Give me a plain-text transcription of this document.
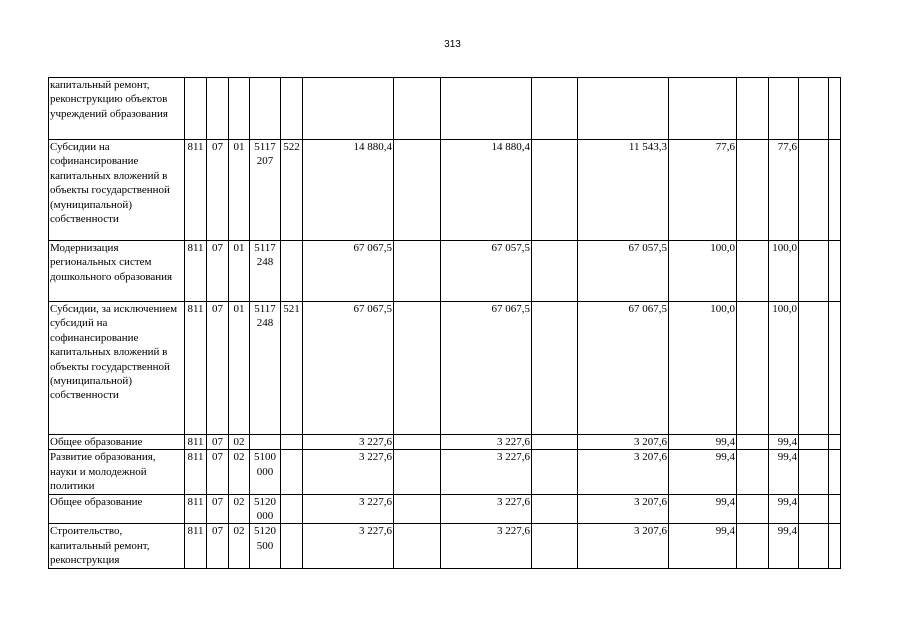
313
капитальный ремонт, реконструкцию объектов учреждений образования															
Субсидии на софинансирование капитальных вложений в объекты государственной (муниципальной) собственности	811	07	01	5117 207	522	14 880,4		14 880,4		11 543,3	77,6		77,6		
Модернизация региональных систем дошкольного образования	811	07	01	5117 248		67 067,5		67 057,5		67 057,5	100,0		100,0		
Субсидии, за исключением субсидий на софинансирование капитальных вложений в объекты государственной (муниципальной) собственности	811	07	01	5117 248	521	67 067,5		67 067,5		67 067,5	100,0		100,0		
Общее образование	811	07	02			3 227,6		3 227,6		3 207,6	99,4		99,4		
Развитие образования, науки и молодежной политики	811	07	02	5100 000		3 227,6		3 227,6		3 207,6	99,4		99,4		
Общее образование	811	07	02	5120 000		3 227,6		3 227,6		3 207,6	99,4		99,4		
Строительство, капитальный ремонт, реконструкция	811	07	02	5120 500		3 227,6		3 227,6		3 207,6	99,4		99,4		
